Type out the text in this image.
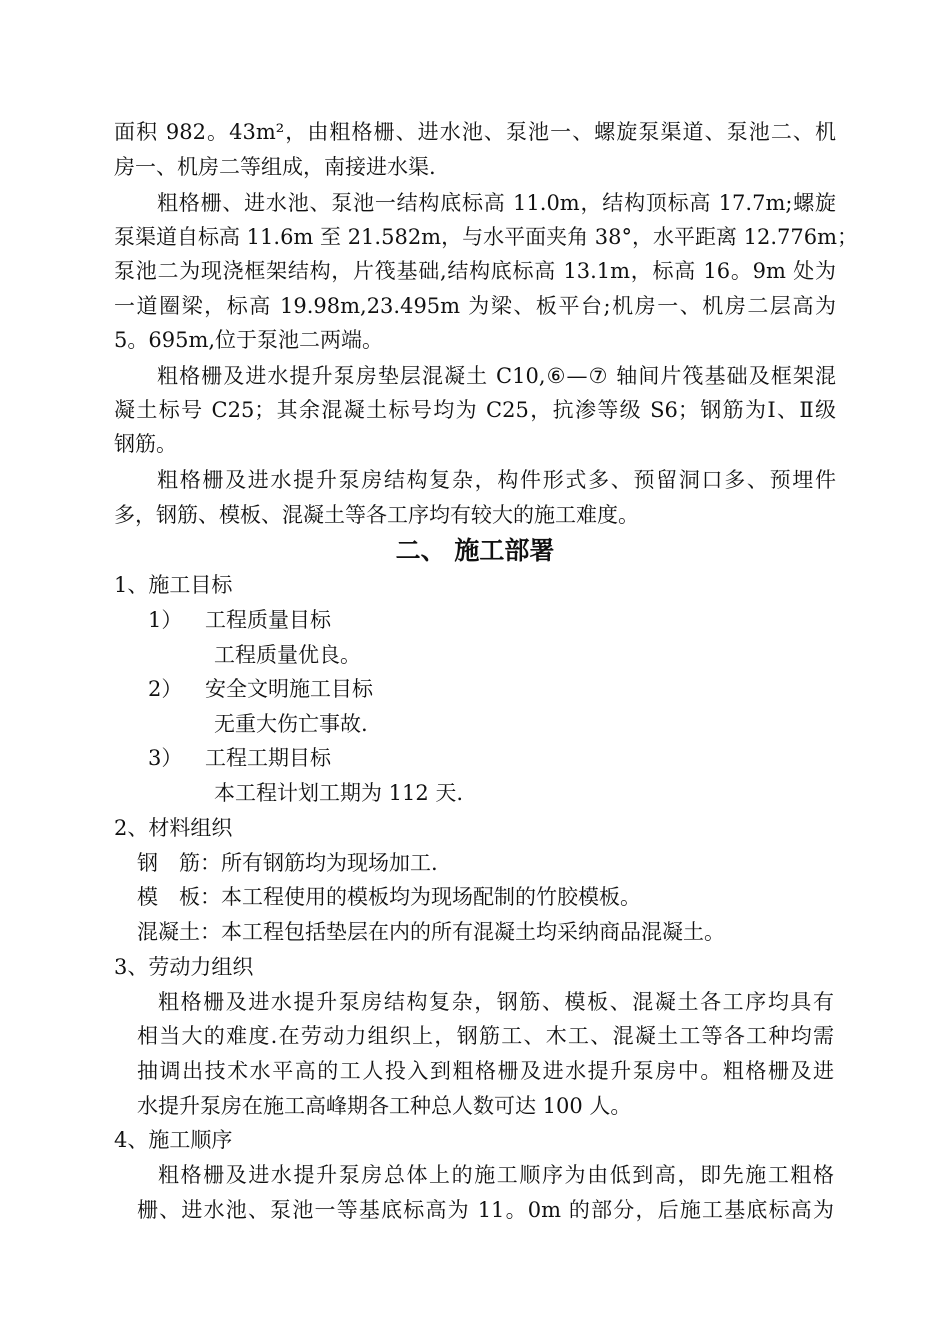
面积 982。43m²，由粗格栅、进水池、泵池一、螺旋泵渠道、泵池二、机
房一、机房二等组成，南接进水渠.
粗格栅、进水池、泵池一结构底标高 11.0m，结构顶标高 17.7m;螺旋
泵渠道自标高 11.6m 至 21.582m，与水平面夹角 38°，水平距离 12.776m；
泵池二为现浇框架结构，片筏基础,结构底标高 13.1m，标高 16。9m 处为
一道圈梁，标高 19.98m,23.495m 为梁、板平台;机房一、机房二层高为
5。695m,位于泵池二两端。
粗格栅及进水提升泵房垫层混凝土 C10,⑥—⑦ 轴间片筏基础及框架混
凝土标号 C25；其余混凝土标号均为 C25，抗渗等级 S6；钢筋为Ⅰ、Ⅱ级
钢筋。
粗格栅及进水提升泵房结构复杂，构件形式多、预留洞口多、预埋件
多，钢筋、模板、混凝土等各工序均有较大的施工难度。
二、 施工部署
1、施工目标
1） 工程质量目标
工程质量优良。
2） 安全文明施工目标
无重大伤亡事故.
3） 工程工期目标
本工程计划工期为 112 天.
2、材料组织
钢　筋：所有钢筋均为现场加工.
模　板：本工程使用的模板均为现场配制的竹胶模板。
混凝土：本工程包括垫层在内的所有混凝土均采纳商品混凝土。
3、劳动力组织
粗格栅及进水提升泵房结构复杂，钢筋、模板、混凝土各工序均具有
相当大的难度.在劳动力组织上，钢筋工、木工、混凝土工等各工种均需
抽调出技术水平高的工人投入到粗格栅及进水提升泵房中。粗格栅及进
水提升泵房在施工高峰期各工种总人数可达 100 人。
4、施工顺序
粗格栅及进水提升泵房总体上的施工顺序为由低到高，即先施工粗格
栅、进水池、泵池一等基底标高为 11。0m 的部分，后施工基底标高为
